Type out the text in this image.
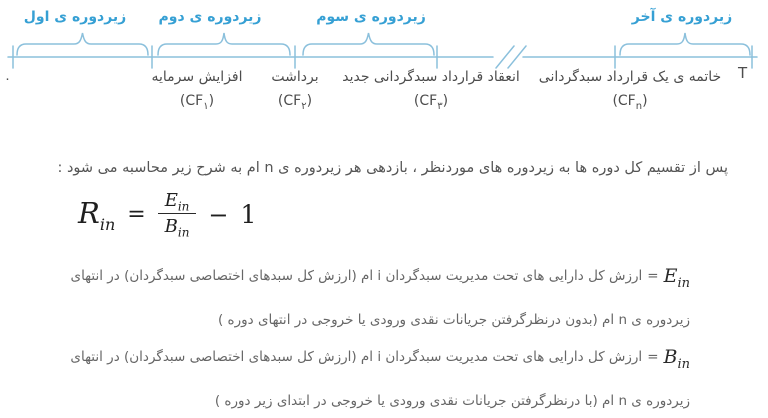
زیردوره ی اول زیردوره ی دوم	زیردوره ی سوم	زیردوره ی آخر
۰	T
افزایش سرمایه
$(CF_۱)$
برداشت
$(CF_۲)$
انعقاد قرارداد سبدگردانی جدید
$(CF_۳)$
خاتمه ی یک قرارداد سبدگردانی
$(CF_n)$
پس از تقسیم کل دوره ها به زیردوره های موردنظر ، بازدهی هر زیردوره ی n ام به شرح زیر محاسبه می شود :
$R_{in} = \frac{E_{in}}{B_{in}} - 1$
$E_{in}=ارزش$ کل دارایی های تحت مدیریت سبدگردان i ام (ارزش کل سبدهای اختصاصی سبدگردان) در انتهای
زیردوره ی n ام (بدون درنظرگرفتن جریانات نقدی ورودی یا خروجی در انتهای دوره )
$B_{in}=ارزش$ کل دارایی های تحت مدیریت سبدگردان i ام (ارزش کل سبدهای اختصاصی سبدگردان) در انتهای
زیردوره ی n ام (با درنظرگرفتن جریانات نقدی ورودی یا خروجی در ابتدای زیر دوره )
